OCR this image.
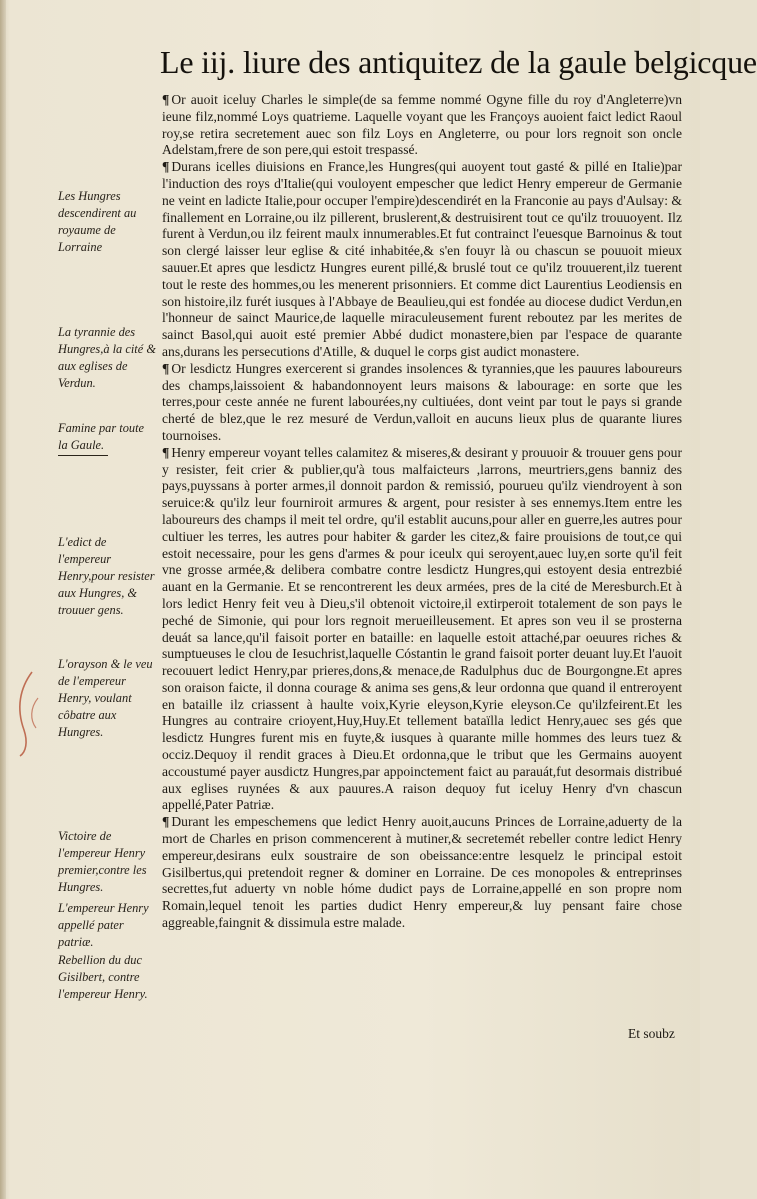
Le iij. liure des antiquitez de la gaule belgicque

¶ Or auoit iceluy Charles le simple(de sa femme nommé Ogyne fille du roy d'Angleterre)vn ieune filz,nommé Loys quatrieme. Laquelle voyant que les Françoys auoient faict ledict Raoul roy,se retira secretement auec son filz Loys en Angleterre, ou pour lors regnoit son oncle Adelstam,frere de son pere,qui estoit trespassé.

¶ Durans icelles diuisions en France,les Hungres(qui auoyent tout gasté & pillé en Italie)par l'induction des roys d'Italie(qui vouloyent empescher que ledict Henry empereur de Germanie ne veint en ladicte Italie,pour occuper l'empire)descendirét en la Franconie au pays d'Aulsay: & finallement en Lorraine,ou ilz pillerent, bruslerent,& destruisirent tout ce qu'ilz trouuoyent. Ilz furent à Verdun,ou ilz feirent maulx innumerables.Et fut contrainct l'euesque Barnoinus & tout son clergé laisser leur eglise & cité inhabitée,& s'en fouyr là ou chascun se pouuoit mieux sauuer.Et apres que lesdictz Hungres eurent pillé,& bruslé tout ce qu'ilz trouuerent,ilz tuerent tout le reste des hommes,ou les menerent prisonniers. Et comme dict Laurentius Leodiensis en son histoire,ilz furét iusques à l'Abbaye de Beaulieu,qui est fondée au diocese dudict Verdun,en l'honneur de sainct Maurice,de laquelle miraculeusement furent reboutez par les merites de sainct Basol,qui auoit esté premier Abbé dudict monastere,bien par l'espace de quarante ans,durans les persecutions d'Atille, & duquel le corps gist audict monastere.

¶ Or lesdictz Hungres exercerent si grandes insolences & tyrannies,que les pauures laboureurs des champs,laissoient & habandonnoyent leurs maisons & labourage: en sorte que les terres,pour ceste année ne furent labourées,ny cultiuées, dont veint par tout le pays si grande cherté de blez,que le rez mesuré de Verdun,valloit en aucuns lieux plus de quarante liures tournoises.

¶ Henry empereur voyant telles calamitez & miseres,& desirant y prouuoir & trouuer gens pour y resister, feit crier & publier,qu'à tous malfaicteurs ,larrons, meurtriers,gens banniz des pays,puyssans à porter armes,il donnoit pardon & remissió, pourueu qu'ilz viendroyent à son seruice:& qu'ilz leur fourniroit armures & argent, pour resister à ses ennemys.Item entre les laboureurs des champs il meit tel ordre, qu'il establit aucuns,pour aller en guerre,les autres pour cultiuer les terres, les autres pour habiter & garder les citez,& faire prouisions de tout,ce qui estoit necessaire, pour les gens d'armes & pour iceulx qui seroyent,auec luy,en sorte qu'il feit vne grosse armée,& delibera combatre contre lesdictz Hungres,qui estoyent desia entrezbié auant en la Germanie. Et se rencontrerent les deux armées, pres de la cité de Meresburch.Et à lors ledict Henry feit veu à Dieu,s'il obtenoit victoire,il extirperoit totalement de son pays le peché de Simonie, qui pour lors regnoit merueilleusement. Et apres son veu il se prosterna deuát sa lance,qu'il faisoit porter en bataille: en laquelle estoit attaché,par oeuures riches & sumptueuses le clou de Iesuchrist,laquelle Cóstantin le grand faisoit porter deuant luy.Et l'auoit recouuert ledict Henry,par prieres,dons,& menace,de Radulphus duc de Bourgongne.Et apres son oraison faicte, il donna courage & anima ses gens,& leur ordonna que quand il entreroyent en bataille ilz criassent à haulte voix,Kyrie eleyson,Kyrie eleyson.Ce qu'ilzfeirent.Et les Hungres au contraire crioyent,Huy,Huy.Et tellement bataïlla ledict Henry,auec ses gés que lesdictz Hungres furent mis en fuyte,& iusques à quarante mille hommes des leurs tuez & occiz.Dequoy il rendit graces à Dieu.Et ordonna,que le tribut que les Germains auoyent accoustumé payer ausdictz Hungres,par appoinctement faict au parauát,fut desormais distribué aux eglises ruynées & aux pauures.A raison dequoy fut iceluy Henry d'vn chascun appellé,Pater Patriæ.

¶ Durant les empeschemens que ledict Henry auoit,aucuns Princes de Lorraine,aduerty de la mort de Charles en prison commencerent à mutiner,& secretemét rebeller contre ledict Henry empereur,desirans eulx soustraire de son obeissance:entre lesquelz le principal estoit Gisilbertus,qui pretendoit regner & dominer en Lorraine. De ces monopoles & entreprinses secrettes,fut aduerty vn noble hóme dudict pays de Lorraine,appellé en son propre nom Romain,lequel tenoit les parties dudict Henry empereur,& luy pensant faire chose aggreable,faingnit & dissimula estre malade.

Les Hungres descendirent au royaume de Lorraine
La tyrannie des Hungres,à la cité & aux eglises de Verdun.
Famine par toute la Gaule.
L'edict de l'empereur Henry,pour resister aux Hungres, & trouuer gens.
L'orayson & le veu de l'empereur Henry, voulant côbatre aux Hungres.
Victoire de l'empereur Henry premier,contre les Hungres.
L'empereur Henry appellé pater patriæ.
Rebellion du duc Gisilbert, contre l'empereur Henry.
Et soubz
